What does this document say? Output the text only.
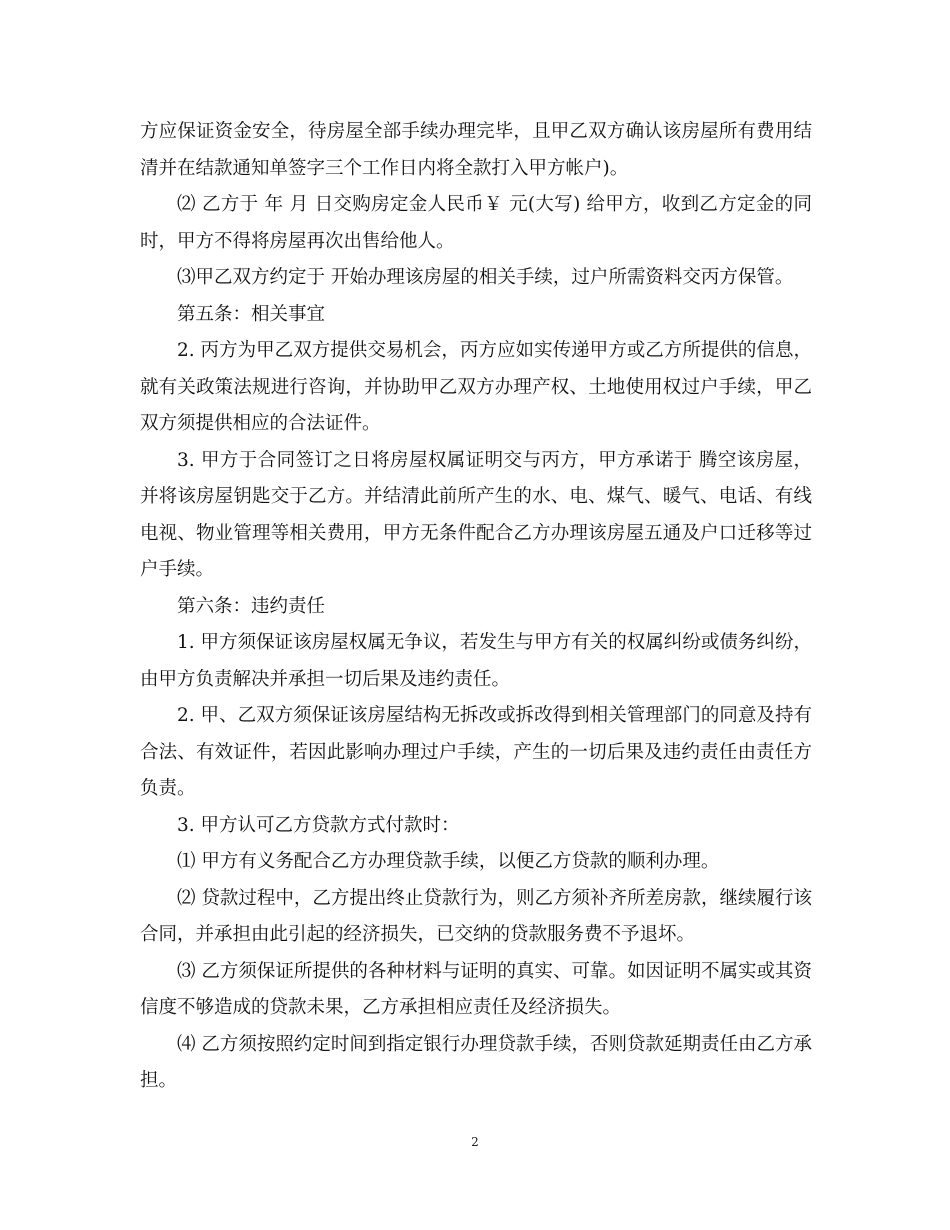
方应保证资金安全，待房屋全部手续办理完毕，且甲乙双方确认该房屋所有费用结清并在结款通知单签字三个工作日内将全款打入甲方帐户)。

⑵ 乙方于 年 月 日交购房定金人民币￥ 元(大写) 给甲方，收到乙方定金的同时，甲方不得将房屋再次出售给他人。

⑶甲乙双方约定于 开始办理该房屋的相关手续，过户所需资料交丙方保管。

第五条：相关事宜

2. 丙方为甲乙双方提供交易机会，丙方应如实传递甲方或乙方所提供的信息，就有关政策法规进行咨询，并协助甲乙双方办理产权、土地使用权过户手续，甲乙双方须提供相应的合法证件。

3. 甲方于合同签订之日将房屋权属证明交与丙方，甲方承诺于 腾空该房屋，并将该房屋钥匙交于乙方。并结清此前所产生的水、电、煤气、暖气、电话、有线电视、物业管理等相关费用，甲方无条件配合乙方办理该房屋五通及户口迁移等过户手续。

第六条：违约责任

1. 甲方须保证该房屋权属无争议，若发生与甲方有关的权属纠纷或债务纠纷，由甲方负责解决并承担一切后果及违约责任。

2. 甲、乙双方须保证该房屋结构无拆改或拆改得到相关管理部门的同意及持有合法、有效证件，若因此影响办理过户手续，产生的一切后果及违约责任由责任方负责。

3. 甲方认可乙方贷款方式付款时：

⑴ 甲方有义务配合乙方办理贷款手续，以便乙方贷款的顺利办理。

⑵ 贷款过程中，乙方提出终止贷款行为，则乙方须补齐所差房款，继续履行该合同，并承担由此引起的经济损失，已交纳的贷款服务费不予退坏。

⑶ 乙方须保证所提供的各种材料与证明的真实、可靠。如因证明不属实或其资信度不够造成的贷款未果，乙方承担相应责任及经济损失。

⑷ 乙方须按照约定时间到指定银行办理贷款手续，否则贷款延期责任由乙方承担。

2
